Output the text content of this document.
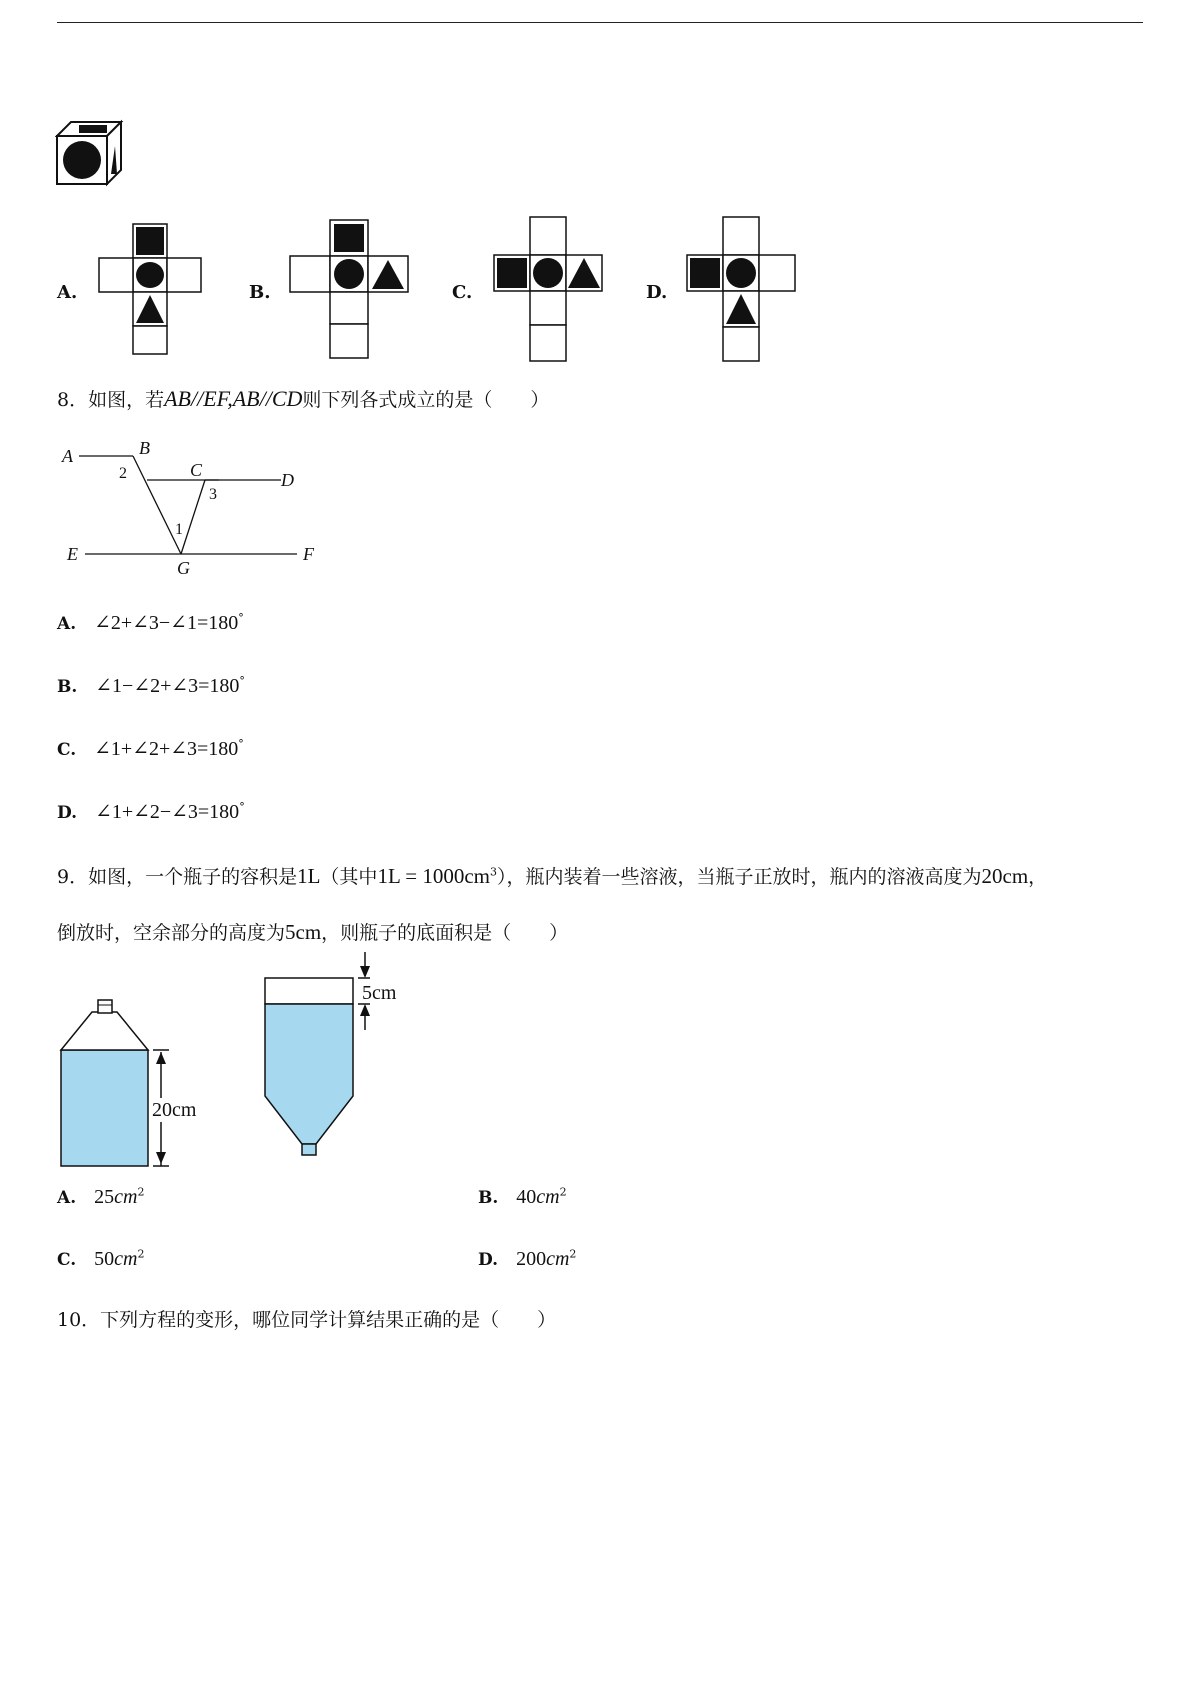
A.	B.	C.	D.
8．如图，若AB//EF,AB//CD则下列各式成立的是（　　）
A	B
C	D
E	F
G
2
3
1
A. ∠2+∠3−∠1=180°
B. ∠1−∠2+∠3=180°
C. ∠1+∠2+∠3=180°
D. ∠1+∠2−∠3=180°
9．如图，一个瓶子的容积是1L（其中$1L = 1000cm^3$），瓶内装着一些溶液，当瓶子正放时，瓶内的溶液高度为20cm，
倒放时，空余部分的高度为5cm，则瓶子的底面积是（　　）
20cm
5cm
A. $25cm^2$	B. $40cm^2$
C. $50cm^2$	D. $200cm^2$
10．下列方程的变形，哪位同学计算结果正确的是（　　）
